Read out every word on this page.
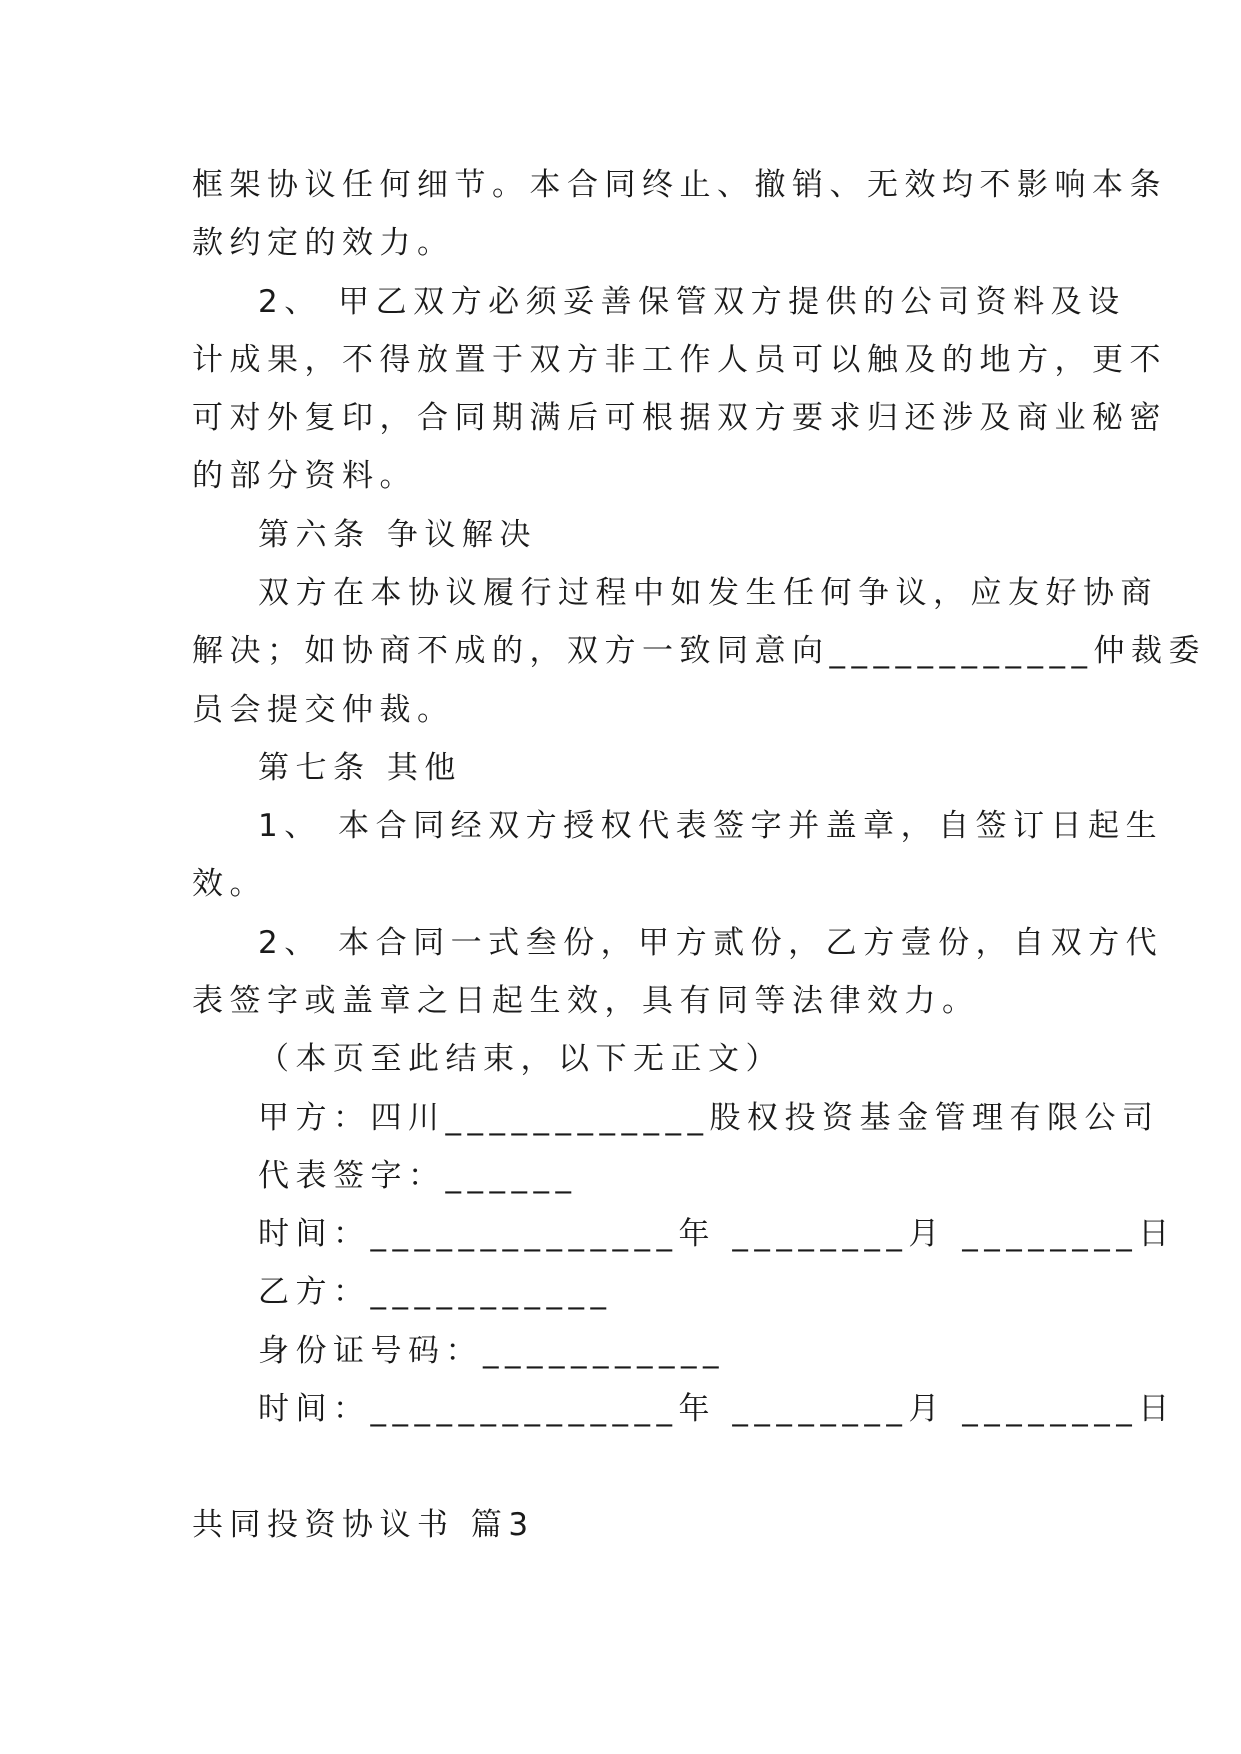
框架协议任何细节。本合同终止、撤销、无效均不影响本条
款约定的效力。
2、 甲乙双方必须妥善保管双方提供的公司资料及设
计成果，不得放置于双方非工作人员可以触及的地方，更不
可对外复印，合同期满后可根据双方要求归还涉及商业秘密
的部分资料。
第六条 争议解决
双方在本协议履行过程中如发生任何争议，应友好协商
解决；如协商不成的，双方一致同意向____________仲裁委
员会提交仲裁。
第七条 其他
1、 本合同经双方授权代表签字并盖章，自签订日起生
效。
2、 本合同一式叁份，甲方贰份，乙方壹份，自双方代
表签字或盖章之日起生效，具有同等法律效力。
（本页至此结束，以下无正文）
甲方：四川____________股权投资基金管理有限公司
代表签字：______
时间：______________年 ________月 ________日
乙方：___________
身份证号码：___________
时间：______________年 ________月 ________日
共同投资协议书 篇3
